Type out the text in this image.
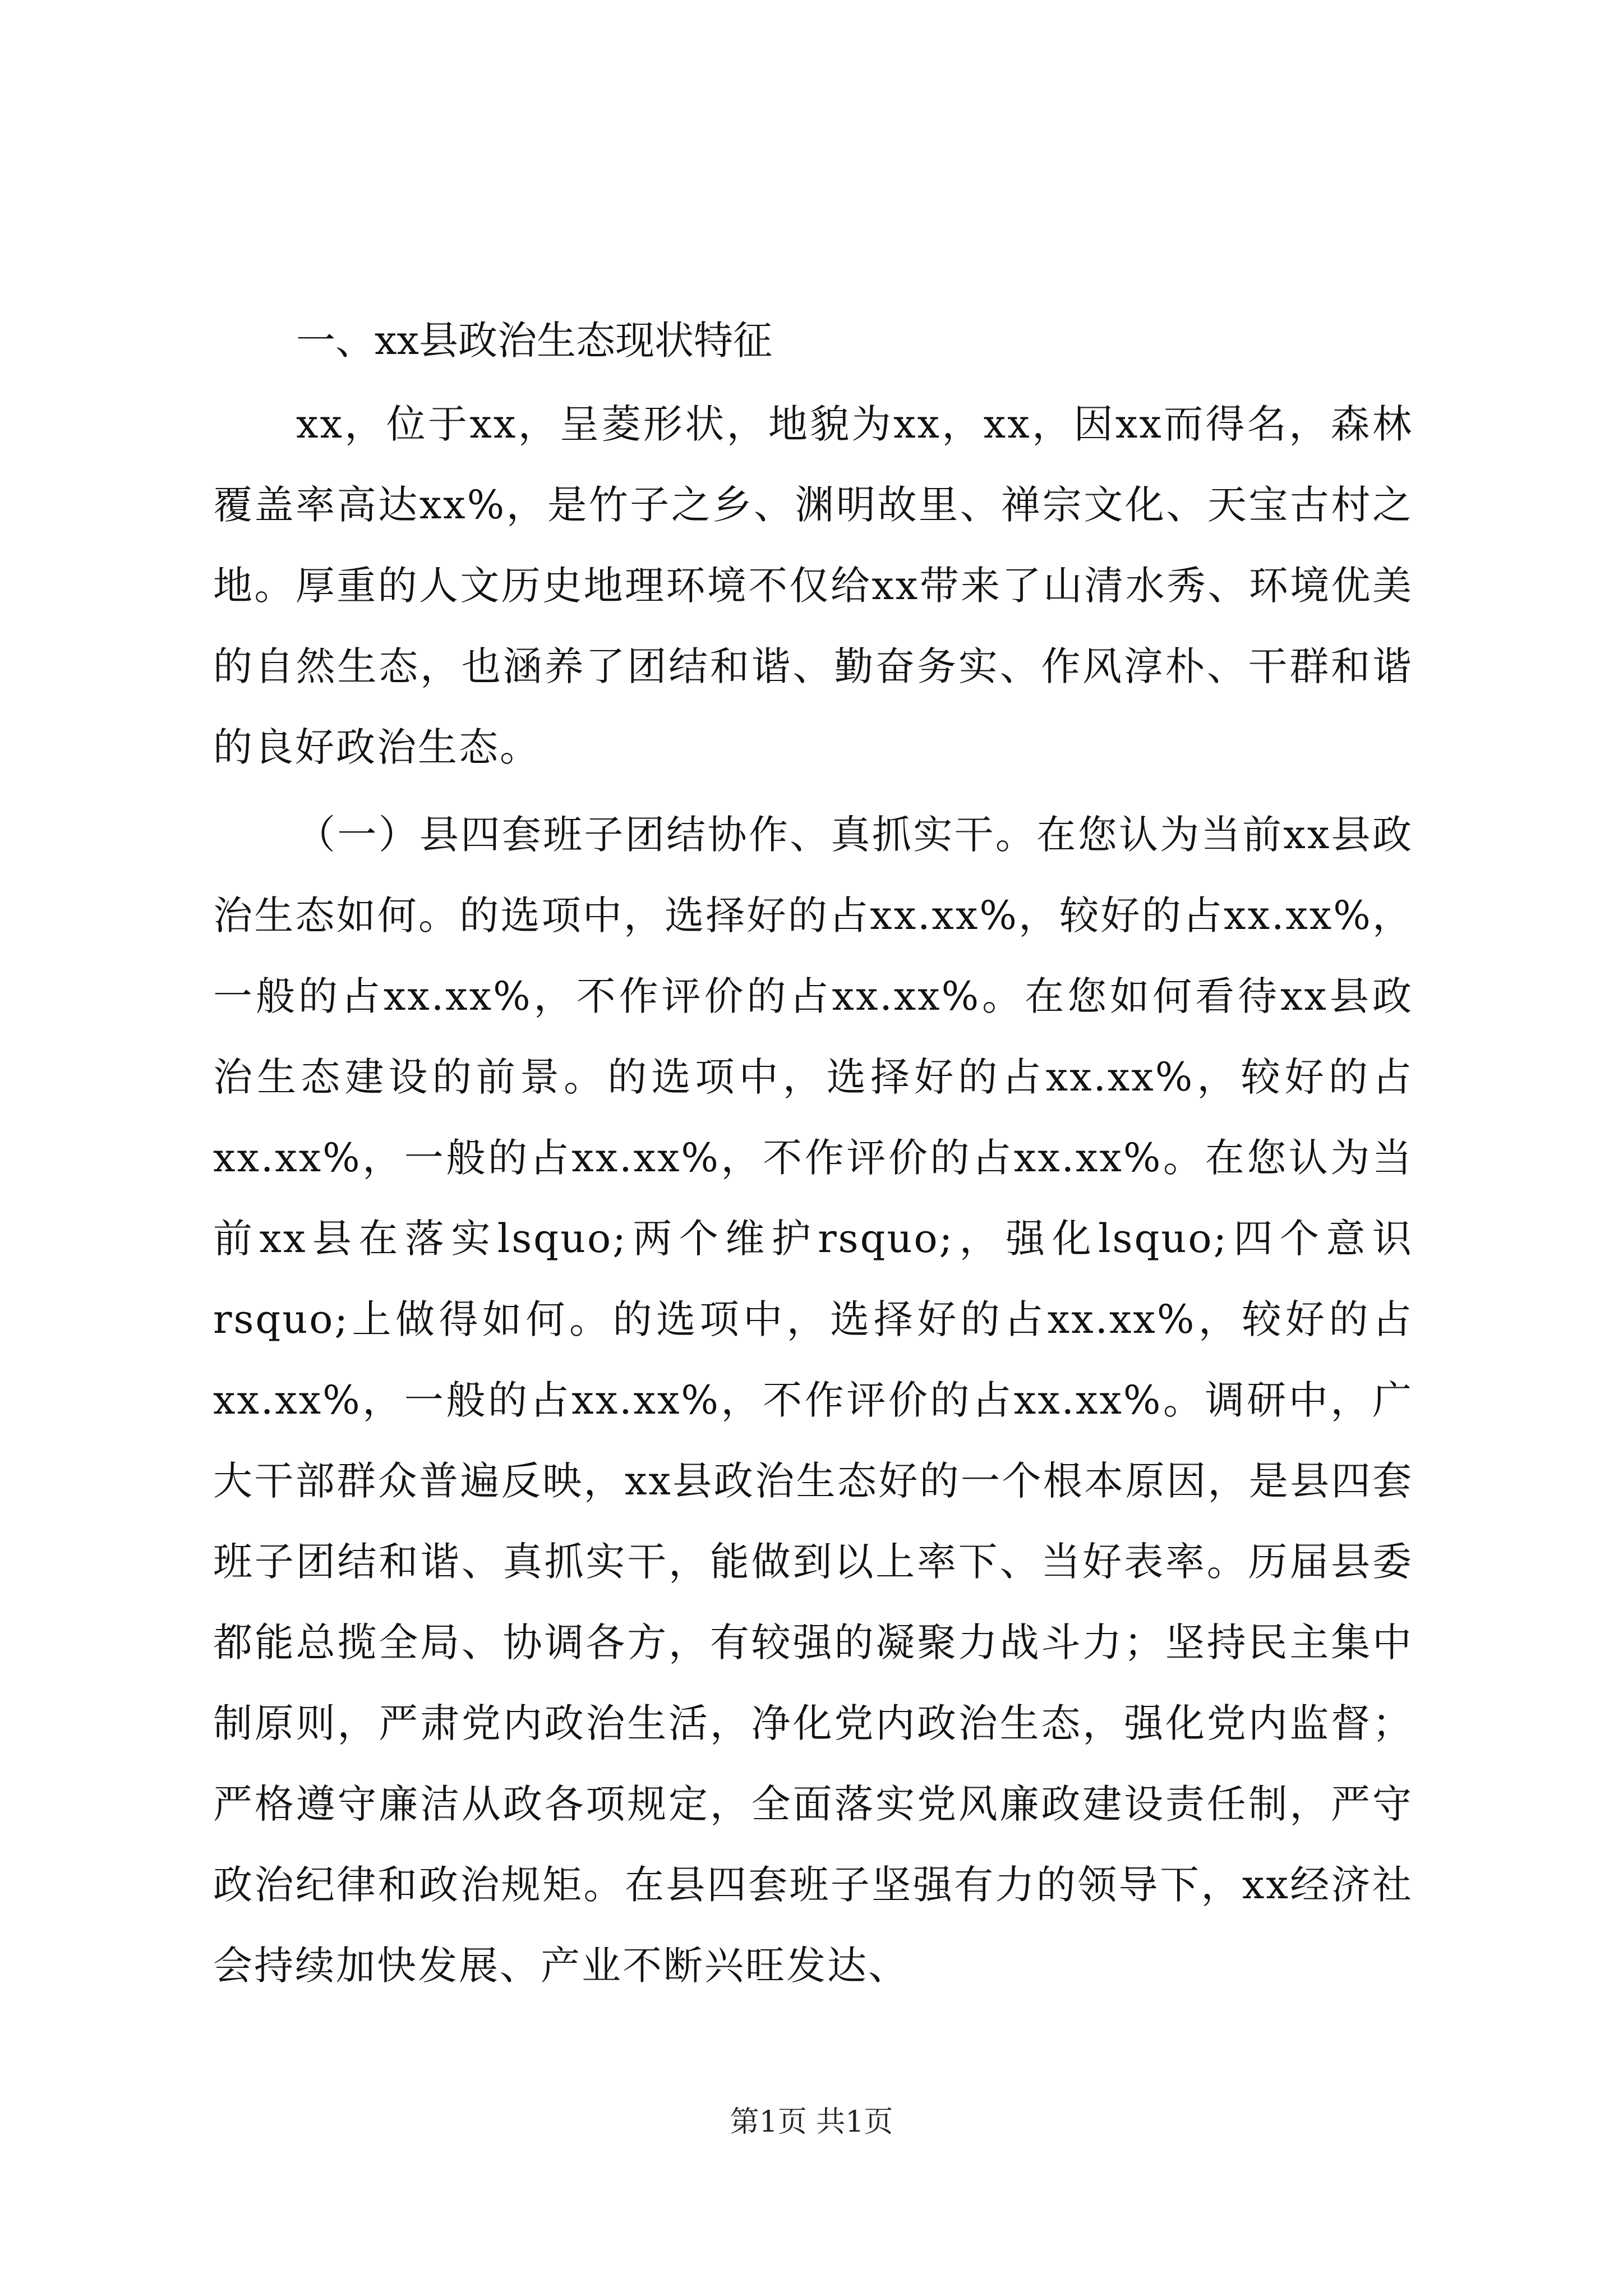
一、xx县政治生态现状特征

xx，位于xx，呈菱形状，地貌为xx，xx，因xx而得名，森林覆盖率高达xx%，是竹子之乡、渊明故里、禅宗文化、天宝古村之地。厚重的人文历史地理环境不仅给xx带来了山清水秀、环境优美的自然生态，也涵养了团结和谐、勤奋务实、作风淳朴、干群和谐的良好政治生态。

（一）县四套班子团结协作、真抓实干。在您认为当前xx县政治生态如何。的选项中，选择好的占xx.xx%，较好的占xx.xx%，一般的占xx.xx%，不作评价的占xx.xx%。在您如何看待xx县政治生态建设的前景。的选项中，选择好的占xx.xx%，较好的占xx.xx%，一般的占xx.xx%，不作评价的占xx.xx%。在您认为当前xx县在落实lsquo;两个维护rsquo;，强化lsquo;四个意识rsquo;上做得如何。的选项中，选择好的占xx.xx%，较好的占xx.xx%，一般的占xx.xx%，不作评价的占xx.xx%。调研中，广大干部群众普遍反映，xx县政治生态好的一个根本原因，是县四套班子团结和谐、真抓实干，能做到以上率下、当好表率。历届县委都能总揽全局、协调各方，有较强的凝聚力战斗力；坚持民主集中制原则，严肃党内政治生活，净化党内政治生态，强化党内监督；严格遵守廉洁从政各项规定，全面落实党风廉政建设责任制，严守政治纪律和政治规矩。在县四套班子坚强有力的领导下，xx经济社会持续加快发展、产业不断兴旺发达、

第1页 共1页
